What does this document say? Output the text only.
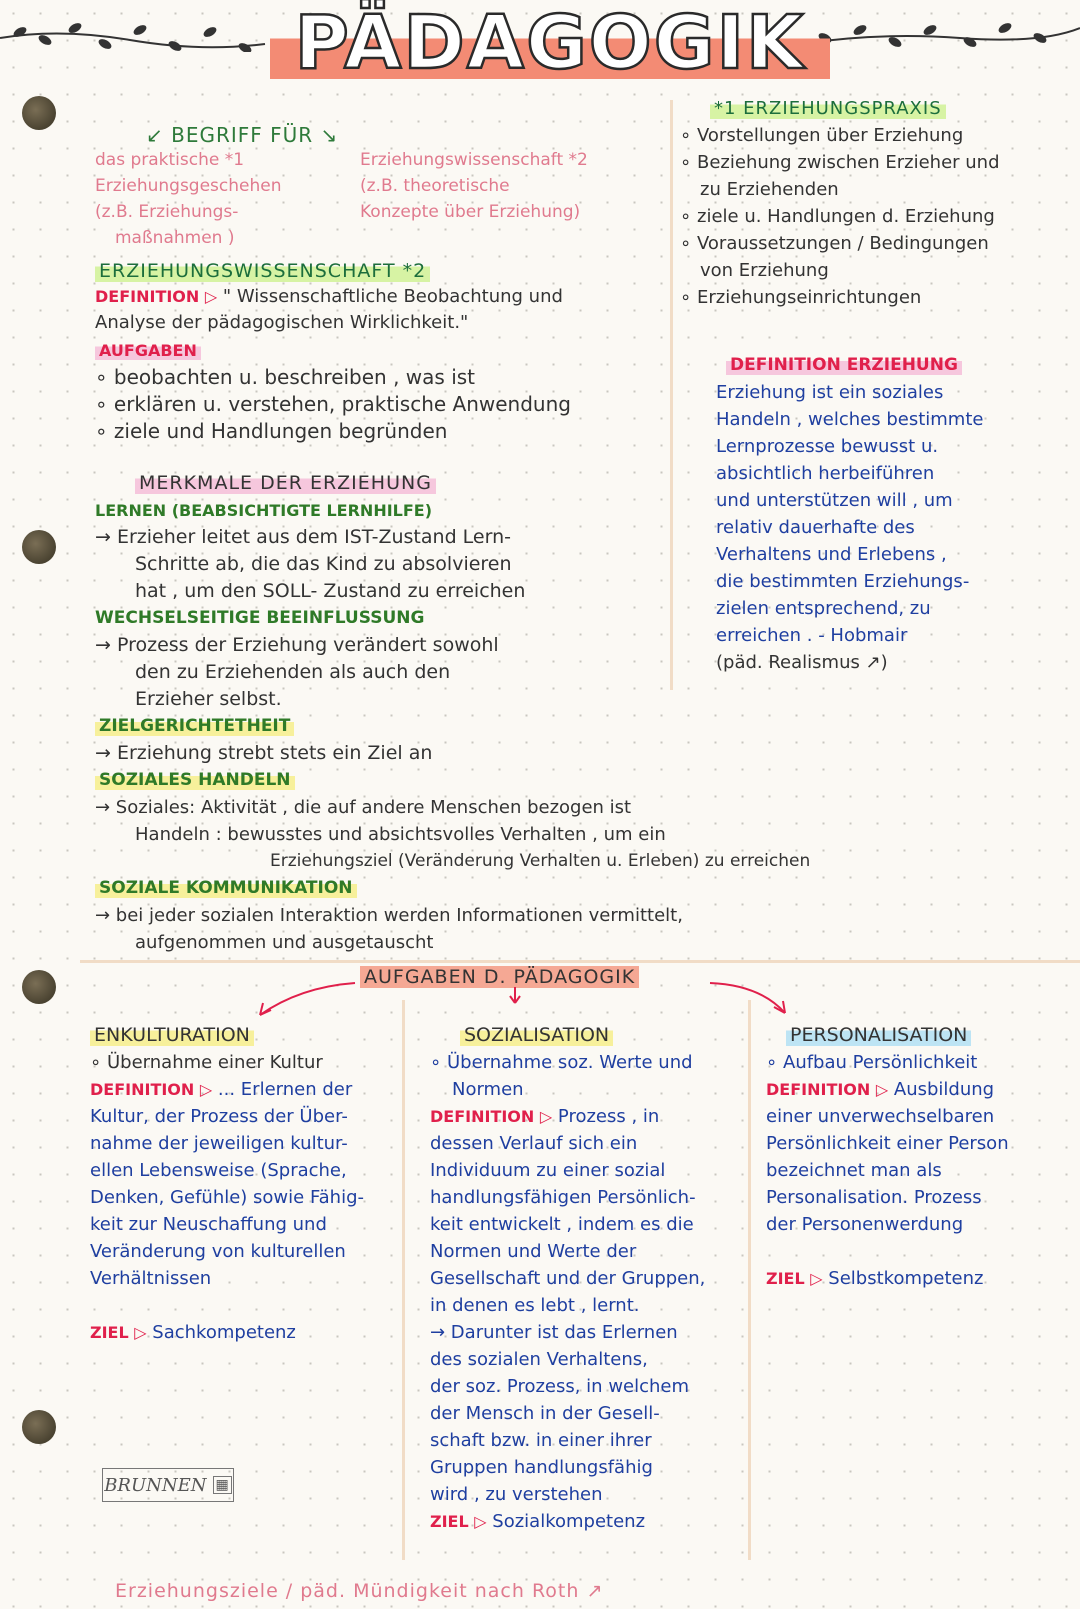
PÄDAGOGIK
↙ BEGRIFF FÜR ↘
das praktische *1
Erziehungsgeschehen
(z.B. Erziehungs-
maßnahmen )
Erziehungswissenschaft *2
(z.B. theoretische
Konzepte über Erziehung)
ERZIEHUNGSWISSENSCHAFT *2
DEFINITION ▷ " Wissenschaftliche Beobachtung und
Analyse der pädagogischen Wirklichkeit."
AUFGABEN
∘ beobachten u. beschreiben , was ist
∘ erklären u. verstehen, praktische Anwendung
∘ ziele und Handlungen begründen
*1 ERZIEHUNGSPRAXIS
∘ Vorstellungen über Erziehung
∘ Beziehung zwischen Erzieher und
zu Erziehenden
∘ ziele u. Handlungen d. Erziehung
∘ Voraussetzungen / Bedingungen
von Erziehung
∘ Erziehungseinrichtungen
DEFINITION ERZIEHUNG
Erziehung ist ein soziales
Handeln , welches bestimmte
Lernprozesse bewusst u.
absichtlich herbeiführen
und unterstützen will , um
relativ dauerhafte des
Verhaltens und Erlebens ,
die bestimmten Erziehungs-
zielen entsprechend, zu
erreichen . - Hobmair
(päd. Realismus ↗)
MERKMALE DER ERZIEHUNG
LERNEN (BEABSICHTIGTE LERNHILFE)
→ Erzieher leitet aus dem IST-Zustand Lern-
Schritte ab, die das Kind zu absolvieren
hat , um den SOLL- Zustand zu erreichen
WECHSELSEITIGE BEEINFLUSSUNG
→ Prozess der Erziehung verändert sowohl
den zu Erziehenden als auch den
Erzieher selbst.
ZIELGERICHTETHEIT
→ Erziehung strebt stets ein Ziel an
SOZIALES HANDELN
→ Soziales: Aktivität , die auf andere Menschen bezogen ist
Handeln : bewusstes und absichtsvolles Verhalten , um ein
Erziehungsziel (Veränderung Verhalten u. Erleben) zu erreichen
SOZIALE KOMMUNIKATION
→ bei jeder sozialen Interaktion werden Informationen vermittelt,
aufgenommen und ausgetauscht
AUFGABEN D. PÄDAGOGIK
ENKULTURATION
∘ Übernahme einer Kultur
DEFINITION ▷ ... Erlernen der
Kultur, der Prozess der Über-
nahme der jeweiligen kultur-
ellen Lebensweise (Sprache,
Denken, Gefühle) sowie Fähig-
keit zur Neuschaffung und
Veränderung von kulturellen
Verhältnissen
ZIEL ▷ Sachkompetenz
SOZIALISATION
∘ Übernahme soz. Werte und
Normen
DEFINITION ▷ Prozess , in
dessen Verlauf sich ein
Individuum zu einer sozial
handlungsfähigen Persönlich-
keit entwickelt , indem es die
Normen und Werte der
Gesellschaft und der Gruppen,
in denen es lebt , lernt.
→ Darunter ist das Erlernen
des sozialen Verhaltens,
der soz. Prozess, in welchem
der Mensch in der Gesell-
schaft bzw. in einer ihrer
Gruppen handlungsfähig
wird , zu verstehen
ZIEL ▷ Sozialkompetenz
PERSONALISATION
∘ Aufbau Persönlichkeit
DEFINITION ▷ Ausbildung
einer unverwechselbaren
Persönlichkeit einer Person
bezeichnet man als
Personalisation. Prozess
der Personenwerdung
ZIEL ▷ Selbstkompetenz
BRUNNEN ▦
Erziehungsziele / päd. Mündigkeit nach Roth ↗
